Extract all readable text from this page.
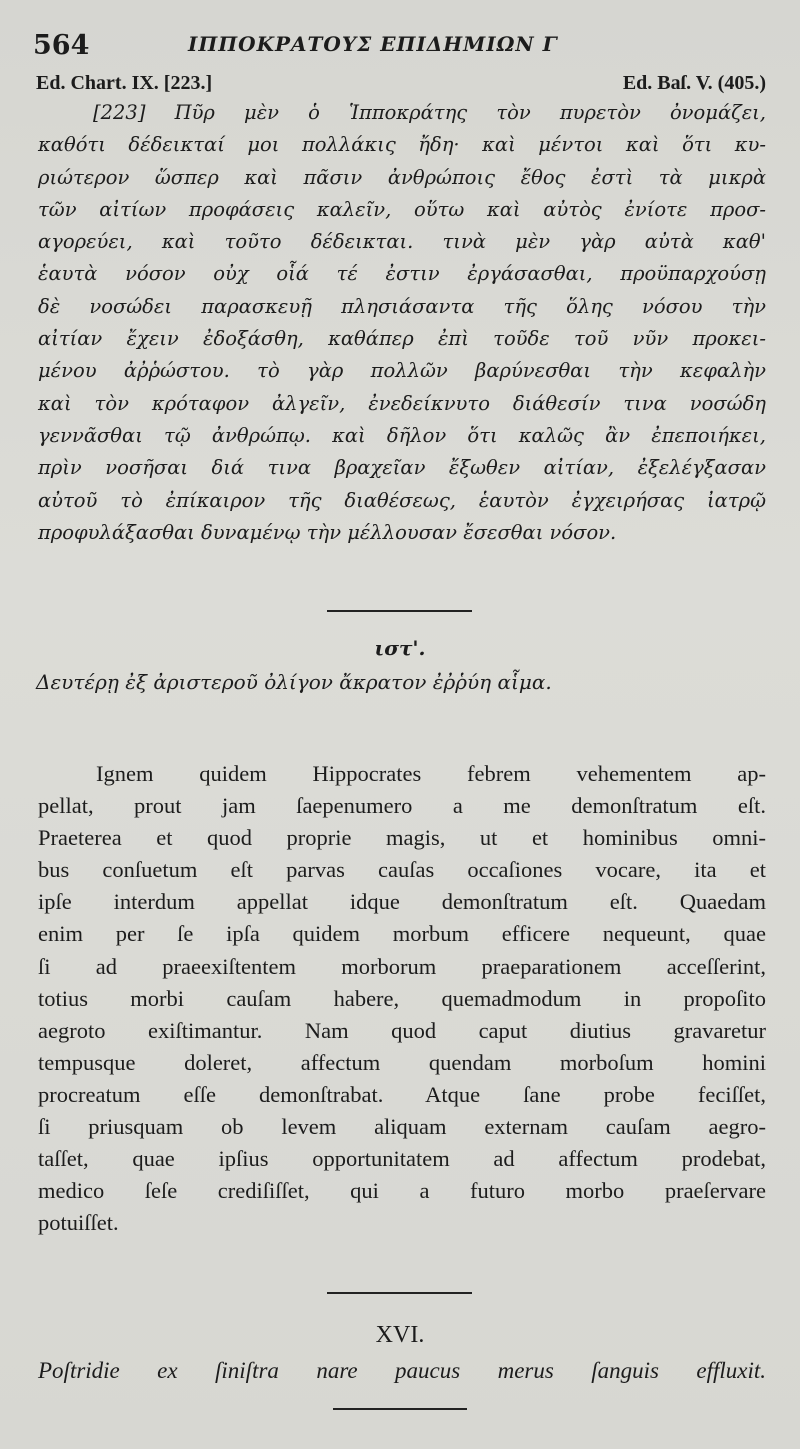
564	ΙΠΠΟΚΡΑΤΟΥΣ ΕΠΙΔΗΜΙΩΝ Γ
Ed. Chart. IX. [223.]	Ed. Baſ. V. (405.)
[223] Πῦρ μὲν ὁ Ἱπποκράτης τὸν πυρετὸν ὀνομάζει,
καθότι δέδεικταί μοι πολλάκις ἤδη· καὶ μέντοι καὶ ὅτι κυ-
ριώτερον ὥσπερ καὶ πᾶσιν ἀνθρώποις ἔθος ἐστὶ τὰ μικρὰ
τῶν αἰτίων προφάσεις καλεῖν, οὕτω καὶ αὐτὸς ἐνίοτε προσ-
αγορεύει, καὶ τοῦτο δέδεικται. τινὰ μὲν γὰρ αὐτὰ καθ'
ἑαυτὰ νόσον οὐχ οἷά τέ ἐστιν ἐργάσασθαι, προϋπαρχούσῃ
δὲ νοσώδει παρασκευῇ πλησιάσαντα τῆς ὅλης νόσου τὴν
αἰτίαν ἔχειν ἐδοξάσθη, καθάπερ ἐπὶ τοῦδε τοῦ νῦν προκει-
μένου ἀῤῥώστου. τὸ γὰρ πολλῶν βαρύνεσθαι τὴν κεφαλὴν
καὶ τὸν κρόταφον ἀλγεῖν, ἐνεδείκνυτο διάθεσίν τινα νοσώδη
γεννᾶσθαι τῷ ἀνθρώπῳ. καὶ δῆλον ὅτι καλῶς ἂν ἐπεποιήκει,
πρὶν νοσῆσαι διά τινα βραχεῖαν ἔξωθεν αἰτίαν, ἐξελέγξασαν
αὐτοῦ τὸ ἐπίκαιρον τῆς διαθέσεως, ἑαυτὸν ἐγχειρήσας ἰατρῷ
προφυλάξασθαι δυναμένῳ τὴν μέλλουσαν ἔσεσθαι νόσον.
ιστ'.
Δευτέρῃ ἐξ ἀριστεροῦ ὀλίγον ἄκρατον ἐῤῥύη αἷμα.
Ignem quidem Hippocrates febrem vehementem ap-
pellat, prout jam ſaepenumero a me demonſtratum eſt.
Praeterea et quod proprie magis, ut et hominibus omni-
bus conſuetum eſt parvas cauſas occaſiones vocare, ita et
ipſe interdum appellat idque demonſtratum eſt. Quaedam
enim per ſe ipſa quidem morbum efficere nequeunt, quae
ſi ad praeexiſtentem morborum praeparationem acceſſerint,
totius morbi cauſam habere, quemadmodum in propoſito
aegroto exiſtimantur. Nam quod caput diutius gravaretur
tempusque doleret, affectum quendam morboſum homini
procreatum eſſe demonſtrabat. Atque ſane probe feciſſet,
ſi priusquam ob levem aliquam externam cauſam aegro-
taſſet, quae ipſius opportunitatem ad affectum prodebat,
medico ſeſe crediſiſſet, qui a futuro morbo praeſervare
potuiſſet.
XVI.
Poſtridie ex ſiniſtra nare paucus merus ſanguis effluxit.
